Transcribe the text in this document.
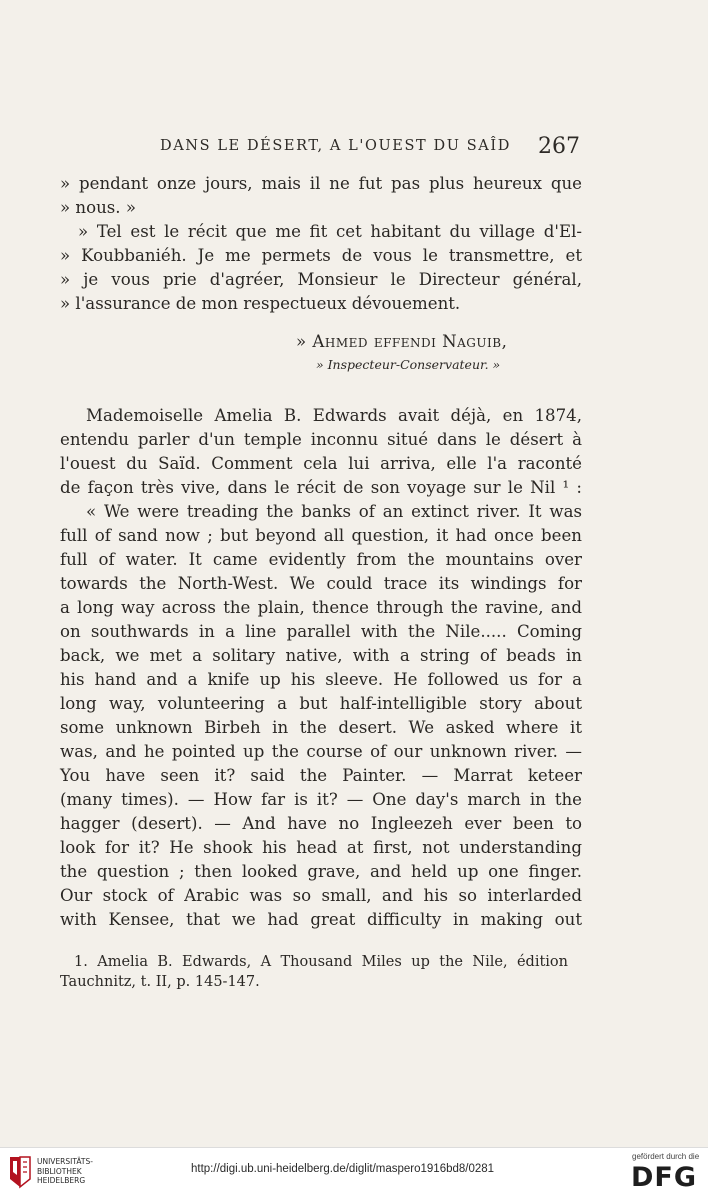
DANS LE DÉSERT, A L'OUEST DU SAÎD 267
» pendant onze jours, mais il ne fut pas plus heureux que
» nous. »
» Tel est le récit que me fit cet habitant du village d'El-
» Koubbaniéh. Je me permets de vous le transmettre, et
» je vous prie d'agréer, Monsieur le Directeur général,
» l'assurance de mon respectueux dévouement.
» Ahmed effendi Naguib,
» Inspecteur-Conservateur. »
Mademoiselle Amelia B. Edwards avait déjà, en 1874,
entendu parler d'un temple inconnu situé dans le désert à
l'ouest du Saïd. Comment cela lui arriva, elle l'a raconté
de façon très vive, dans le récit de son voyage sur le Nil ¹ :
« We were treading the banks of an extinct river. It was
full of sand now ; but beyond all question, it had once been
full of water. It came evidently from the mountains over
towards the North-West. We could trace its windings for
a long way across the plain, thence through the ravine, and
on southwards in a line parallel with the Nile..... Coming
back, we met a solitary native, with a string of beads in
his hand and a knife up his sleeve. He followed us for a
long way, volunteering a but half-intelligible story about
some unknown Birbeh in the desert. We asked where it
was, and he pointed up the course of our unknown river. —
You have seen it? said the Painter. — Marrat keteer
(many times). — How far is it? — One day's march in the
hagger (desert). — And have no Ingleezeh ever been to
look for it? He shook his head at first, not understanding
the question ; then looked grave, and held up one finger.
Our stock of Arabic was so small, and his so interlarded
with Kensee, that we had great difficulty in making out
1. Amelia B. Edwards, A Thousand Miles up the Nile, édition
Tauchnitz, t. II, p. 145-147.
UNIVERSITÄTS-
BIBLIOTHEK
HEIDELBERG
http://digi.ub.uni-heidelberg.de/diglit/maspero1916bd8/0281
gefördert durch die
DFG
